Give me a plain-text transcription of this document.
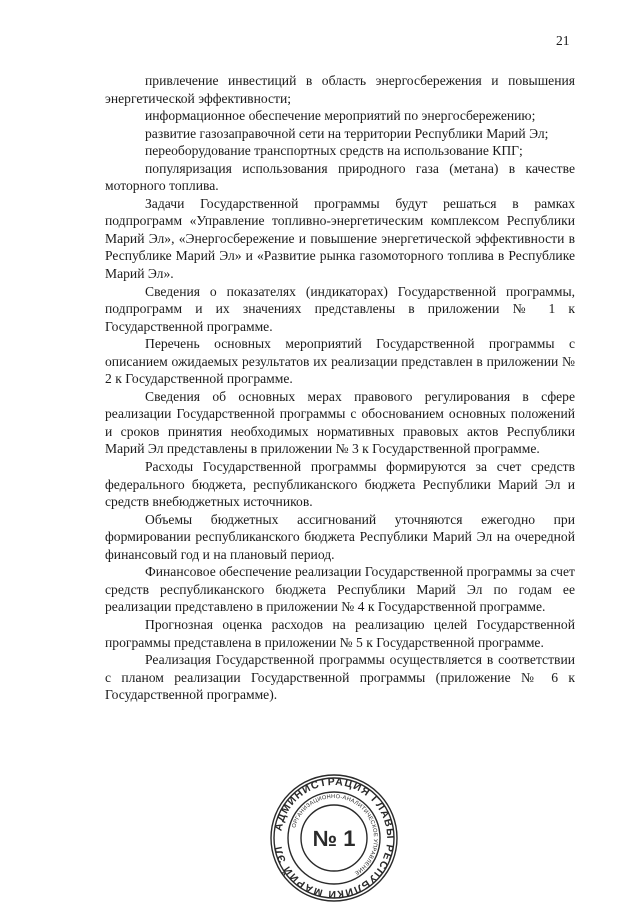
21

привлечение инвестиций в область энергосбережения и повышения энергетической эффективности;

информационное обеспечение мероприятий по энергосбережению;

развитие газозаправочной сети на территории Республики Марий Эл;

переоборудование транспортных средств на использование КПГ;

популяризация использования природного газа (метана) в качестве моторного топлива.

Задачи Государственной программы будут решаться в рамках подпрограмм «Управление топливно-энергетическим комплексом Республики Марий Эл», «Энергосбережение и повышение энергетической эффективности в Республике Марий Эл» и «Развитие рынка газомоторного топлива в Республике Марий Эл».

Сведения о показателях (индикаторах) Государственной программы, подпрограмм и их значениях представлены в приложении № 1 к Государственной программе.

Перечень основных мероприятий Государственной программы с описанием ожидаемых результатов их реализации представлен в приложении № 2 к Государственной программе.

Сведения об основных мерах правового регулирования в сфере реализации Государственной программы с обоснованием основных положений и сроков принятия необходимых нормативных правовых актов Республики Марий Эл представлены в приложении № 3 к Государственной программе.

Расходы Государственной программы формируются за счет средств федерального бюджета, республиканского бюджета Республики Марий Эл и средств внебюджетных источников.

Объемы бюджетных ассигнований уточняются ежегодно при формировании республиканского бюджета Республики Марий Эл на очередной финансовый год и на плановый период.

Финансовое обеспечение реализации Государственной программы за счет средств республиканского бюджета Республики Марий Эл по годам ее реализации представлено в приложении № 4 к Государственной программе.

Прогнозная оценка расходов на реализацию целей Государственной программы представлена в приложении № 5 к Государственной программе.

Реализация Государственной программы осуществляется в соответствии с планом реализации Государственной программы (приложение № 6 к Государственной программе).

АДМИНИСТРАЦИЯ ГЛАВЫ РЕСПУБЛИКИ МАРИЙ ЭЛ
ОРГАНИЗАЦИОННО-АНАЛИТИЧЕСКОЕ УПРАВЛЕНИЕ
№ 1
